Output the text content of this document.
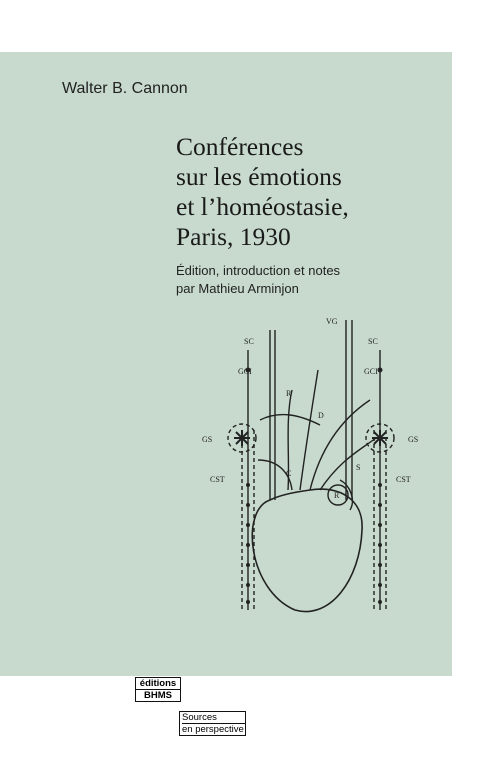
Walter B. Cannon
Conférences
sur les émotions
et l’homéostasie,
Paris, 1930
Édition, introduction et notes
par Mathieu Arminjon
VG
SC	SC
GCI	GCI
GS	GS
CST	CST
R
D
C
S
R
éditions
BHMS
Sources
en perspective
